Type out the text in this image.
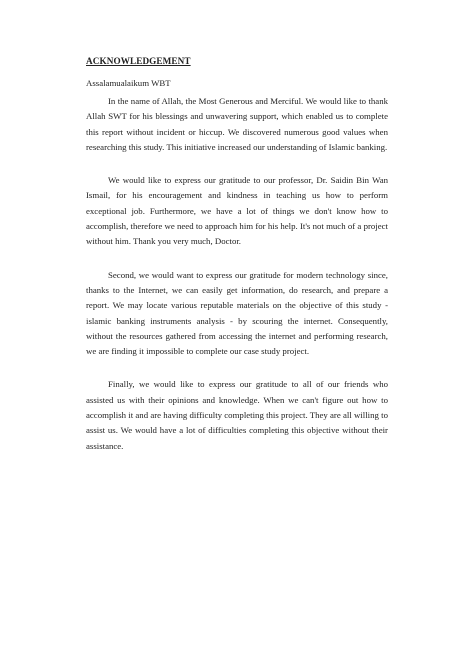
ACKNOWLEDGEMENT
Assalamualaikum WBT

In the name of Allah, the Most Generous and Merciful. We would like to thank Allah SWT for his blessings and unwavering support, which enabled us to complete this report without incident or hiccup. We discovered numerous good values when researching this study. This initiative increased our understanding of Islamic banking.

We would like to express our gratitude to our professor, Dr. Saidin Bin Wan Ismail, for his encouragement and kindness in teaching us how to perform exceptional job. Furthermore, we have a lot of things we don't know how to accomplish, therefore we need to approach him for his help. It's not much of a project without him. Thank you very much, Doctor.

Second, we would want to express our gratitude for modern technology since, thanks to the Internet, we can easily get information, do research, and prepare a report. We may locate various reputable materials on the objective of this study - islamic banking instruments analysis - by scouring the internet. Consequently, without the resources gathered from accessing the internet and performing research, we are finding it impossible to complete our case study project.

Finally, we would like to express our gratitude to all of our friends who assisted us with their opinions and knowledge. When we can't figure out how to accomplish it and are having difficulty completing this project. They are all willing to assist us. We would have a lot of difficulties completing this objective without their assistance.
